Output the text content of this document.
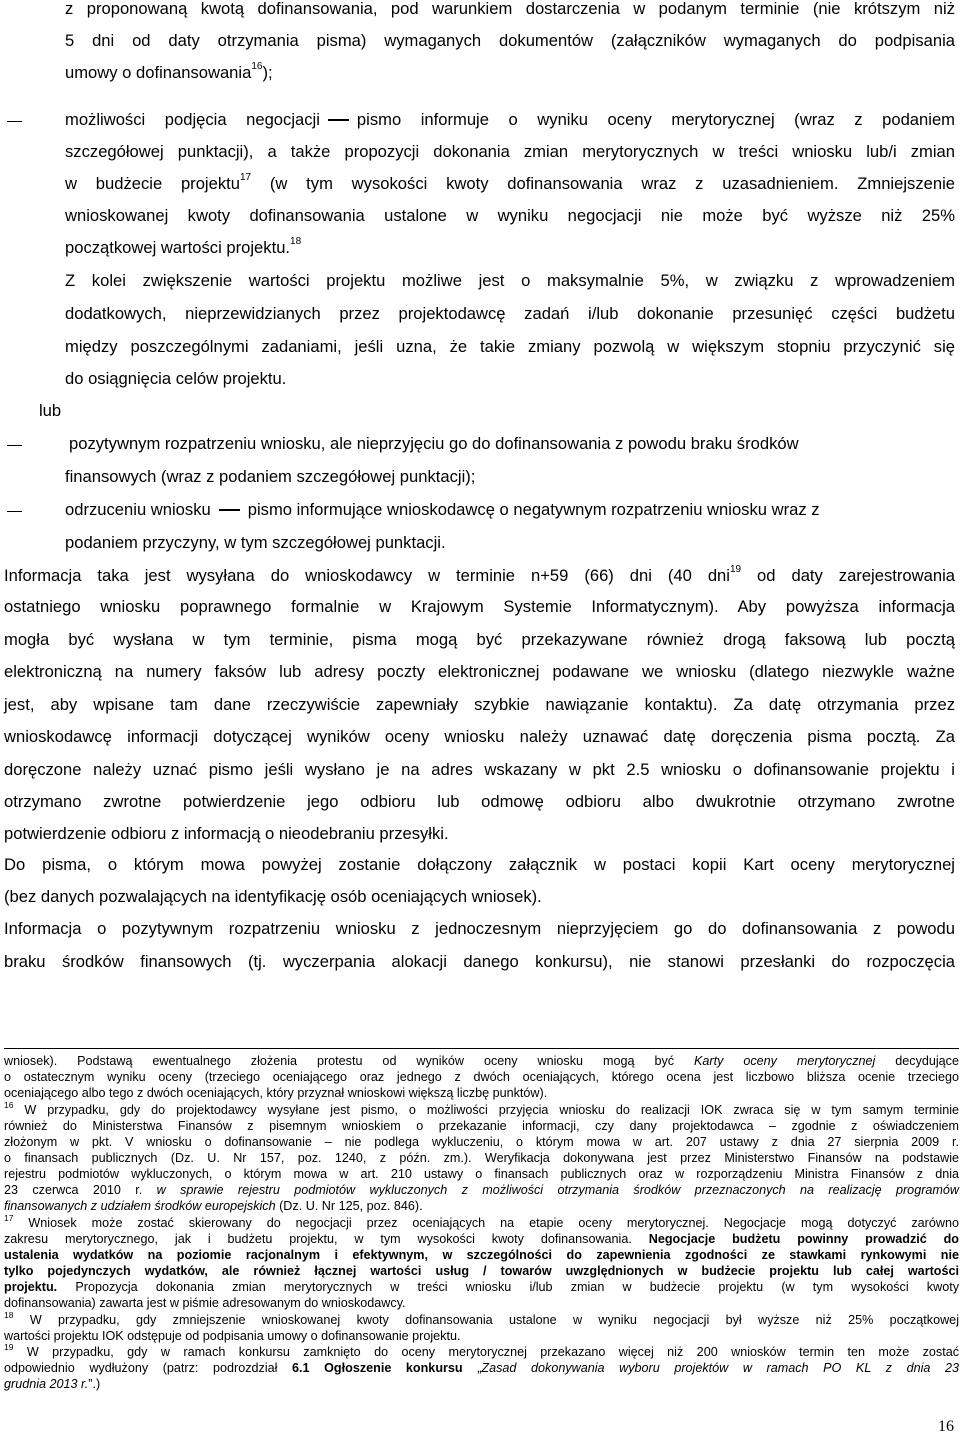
z proponowaną kwotą dofinansowania, pod warunkiem dostarczenia w podanym terminie (nie krótszym niż
5 dni od daty otrzymania pisma) wymaganych dokumentów (załączników wymaganych do podpisania
umowy o dofinansowania$^{16}$);
możliwości podjęcia negocjacji pismo informuje o wyniku oceny merytorycznej (wraz z podaniem
szczegółowej punktacji), a także propozycji dokonania zmian merytorycznych w treści wniosku lub/i zmian
w budżecie projektu$^{17}$ (w tym wysokości kwoty dofinansowania wraz z uzasadnieniem. Zmniejszenie
wnioskowanej kwoty dofinansowania ustalone w wyniku negocjacji nie może być wyższe niż 25%
początkowej wartości projektu.$^{18}$
Z kolei zwiększenie wartości projektu możliwe jest o maksymalnie 5%, w związku z wprowadzeniem
dodatkowych, nieprzewidzianych przez projektodawcę zadań i/lub dokonanie przesunięć części budżetu
między poszczególnymi zadaniami, jeśli uzna, że takie zmiany pozwolą w większym stopniu przyczynić się
do osiągnięcia celów projektu.
lub
pozytywnym rozpatrzeniu wniosku, ale nieprzyjęciu go do dofinansowania z powodu braku środków
finansowych (wraz z podaniem szczegółowej punktacji);
odrzuceniu wniosku pismo informujące wnioskodawcę o negatywnym rozpatrzeniu wniosku wraz z
podaniem przyczyny, w tym szczegółowej punktacji.
Informacja taka jest wysyłana do wnioskodawcy w terminie n+59 (66) dni (40 dni$^{19}$ od daty zarejestrowania
ostatniego wniosku poprawnego formalnie w Krajowym Systemie Informatycznym). Aby powyższa informacja
mogła być wysłana w tym terminie, pisma mogą być przekazywane również drogą faksową lub pocztą
elektroniczną na numery faksów lub adresy poczty elektronicznej podawane we wniosku (dlatego niezwykle ważne
jest, aby wpisane tam dane rzeczywiście zapewniały szybkie nawiązanie kontaktu). Za datę otrzymania przez
wnioskodawcę informacji dotyczącej wyników oceny wniosku należy uznawać datę doręczenia pisma pocztą. Za
doręczone należy uznać pismo jeśli wysłano je na adres wskazany w pkt 2.5 wniosku o dofinansowanie projektu i
otrzymano zwrotne potwierdzenie jego odbioru lub odmowę odbioru albo dwukrotnie otrzymano zwrotne
potwierdzenie odbioru z informacją o nieodebraniu przesyłki.
Do pisma, o którym mowa powyżej zostanie dołączony załącznik w postaci kopii Kart oceny merytorycznej
(bez danych pozwalających na identyfikację osób oceniających wniosek).
Informacja o pozytywnym rozpatrzeniu wniosku z jednoczesnym nieprzyjęciem go do dofinansowania z powodu
braku środków finansowych (tj. wyczerpania alokacji danego konkursu), nie stanowi przesłanki do rozpoczęcia
wniosek). Podstawą ewentualnego złożenia protestu od wyników oceny wniosku mogą być Karty oceny merytorycznej decydujące
o ostatecznym wyniku oceny (trzeciego oceniającego oraz jednego z dwóch oceniających, którego ocena jest liczbowo bliższa ocenie trzeciego
oceniającego albo tego z dwóch oceniających, który przyznał wnioskowi większą liczbę punktów).
$^{16}$ W przypadku, gdy do projektodawcy wysyłane jest pismo, o możliwości przyjęcia wniosku do realizacji IOK zwraca się w tym samym terminie
również do Ministerstwa Finansów z pisemnym wnioskiem o przekazanie informacji, czy dany projektodawca – zgodnie z oświadczeniem
złożonym w pkt. V wniosku o dofinansowanie – nie podlega wykluczeniu, o którym mowa w art. 207 ustawy z dnia 27 sierpnia 2009 r.
o finansach publicznych (Dz. U. Nr 157, poz. 1240, z późn. zm.). Weryfikacja dokonywana jest przez Ministerstwo Finansów na podstawie
rejestru podmiotów wykluczonych, o którym mowa w art. 210 ustawy o finansach publicznych oraz w rozporządzeniu Ministra Finansów z dnia
23 czerwca 2010 r. w sprawie rejestru podmiotów wykluczonych z możliwości otrzymania środków przeznaczonych na realizację programów
finansowanych z udziałem środków europejskich (Dz. U. Nr 125, poz. 846).
$^{17}$ Wniosek może zostać skierowany do negocjacji przez oceniających na etapie oceny merytorycznej. Negocjacje mogą dotyczyć zarówno
zakresu merytorycznego, jak i budżetu projektu, w tym wysokości kwoty dofinansowania. Negocjacje budżetu powinny prowadzić do
ustalenia wydatków na poziomie racjonalnym i efektywnym, w szczególności do zapewnienia zgodności ze stawkami rynkowymi nie
tylko pojedynczych wydatków, ale również łącznej wartości usług / towarów uwzględnionych w budżecie projektu lub całej wartości
projektu. Propozycja dokonania zmian merytorycznych w treści wniosku i/lub zmian w budżecie projektu (w tym wysokości kwoty
dofinansowania) zawarta jest w piśmie adresowanym do wnioskodawcy.
$^{18}$ W przypadku, gdy zmniejszenie wnioskowanej kwoty dofinansowania ustalone w wyniku negocjacji był wyższe niż 25% początkowej
wartości projektu IOK odstępuje od podpisania umowy o dofinansowanie projektu.
$^{19}$ W przypadku, gdy w ramach konkursu zamknięto do oceny merytorycznej przekazano więcej niż 200 wniosków termin ten może zostać
odpowiednio wydłużony (patrz: podrozdział 6.1 Ogłoszenie konkursu „Zasad dokonywania wyboru projektów w ramach PO KL z dnia 23
grudnia 2013 r.”.)
16
